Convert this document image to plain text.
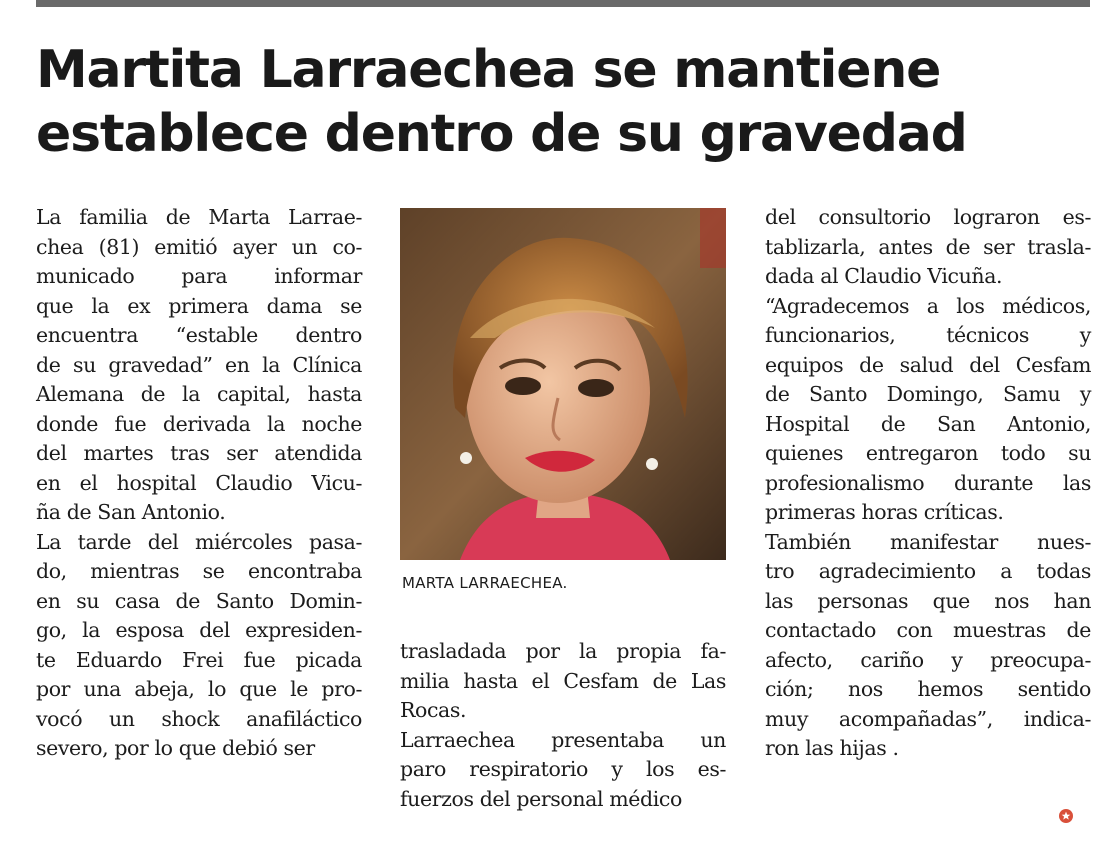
Martita Larraechea se mantiene
establece dentro de su gravedad
La familia de Marta Larrae-
chea (81) emitió ayer un co-
municado para informar
que la ex primera dama se
encuentra “estable dentro
de su gravedad” en la Clínica
Alemana de la capital, hasta
donde fue derivada la noche
del martes tras ser atendida
en el hospital Claudio Vicu-
ña de San Antonio.
La tarde del miércoles pasa-
do, mientras se encontraba
en su casa de Santo Domin-
go, la esposa del expresiden-
te Eduardo Frei fue picada
por una abeja, lo que le pro-
vocó un shock anafiláctico
severo, por lo que debió ser
MARTA LARRAECHEA.
trasladada por la propia fa-
milia hasta el Cesfam de Las
Rocas.
Larraechea presentaba un
paro respiratorio y los es-
fuerzos del personal médico
del consultorio lograron es-
tablizarla, antes de ser trasla-
dada al Claudio Vicuña.
“Agradecemos a los médicos,
funcionarios, técnicos y
equipos de salud del Cesfam
de Santo Domingo, Samu y
Hospital de San Antonio,
quienes entregaron todo su
profesionalismo durante las
primeras horas críticas.
También manifestar nues-
tro agradecimiento a todas
las personas que nos han
contactado con muestras de
afecto, cariño y preocupa-
ción; nos hemos sentido
muy acompañadas”, indica-
ron las hijas .
